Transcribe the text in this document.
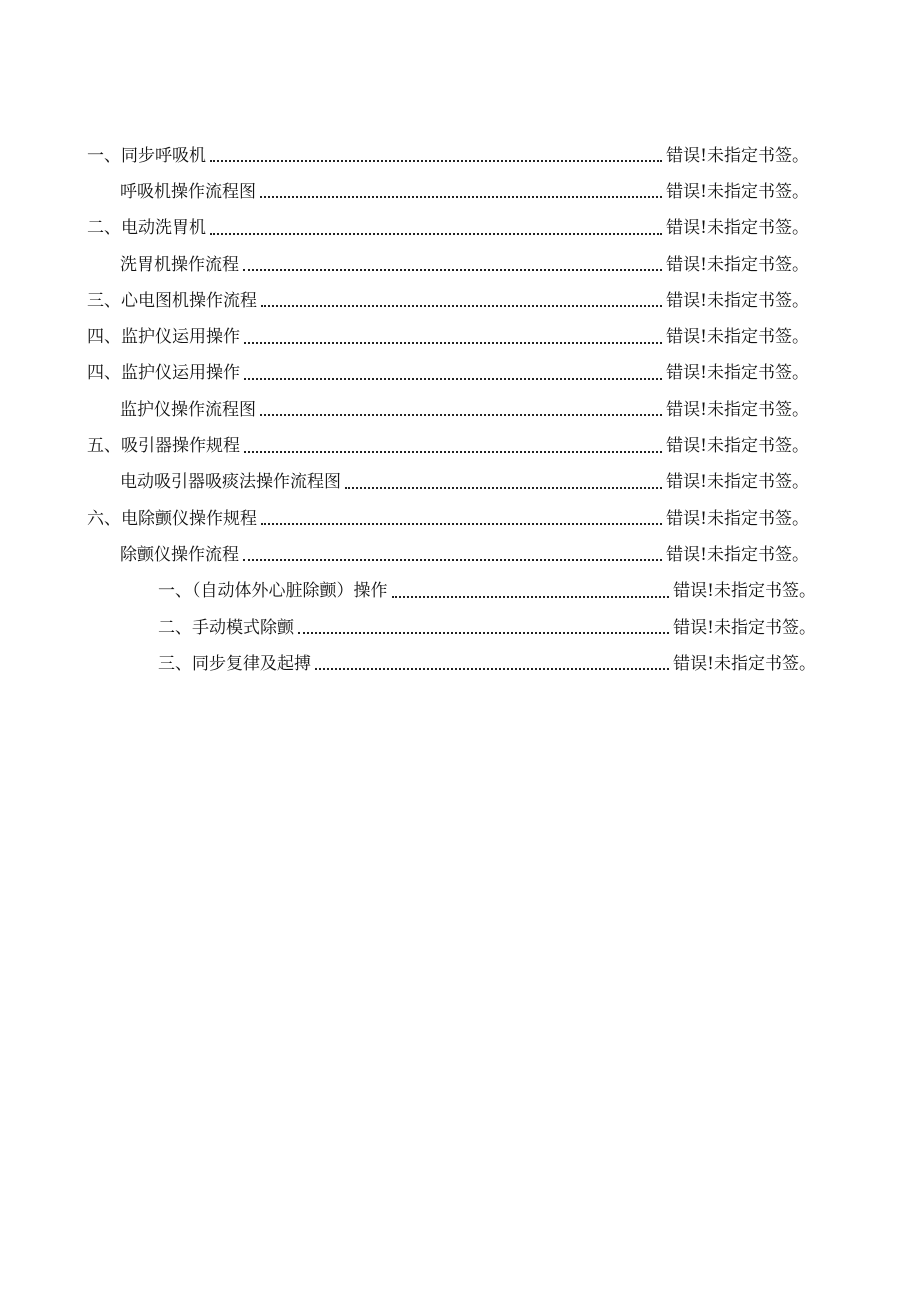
一、同步呼吸机	错误!未指定书签。
呼吸机操作流程图	错误!未指定书签。
二、电动洗胃机	错误!未指定书签。
洗胃机操作流程	错误!未指定书签。
三、心电图机操作流程	错误!未指定书签。
四、监护仪运用操作	错误!未指定书签。
四、监护仪运用操作	错误!未指定书签。
监护仪操作流程图	错误!未指定书签。
五、吸引器操作规程	错误!未指定书签。
电动吸引器吸痰法操作流程图	错误!未指定书签。
六、电除颤仪操作规程	错误!未指定书签。
除颤仪操作流程	错误!未指定书签。
一、（自动体外心脏除颤）操作	错误!未指定书签。
二、手动模式除颤	错误!未指定书签。
三、同步复律及起搏	错误!未指定书签。
